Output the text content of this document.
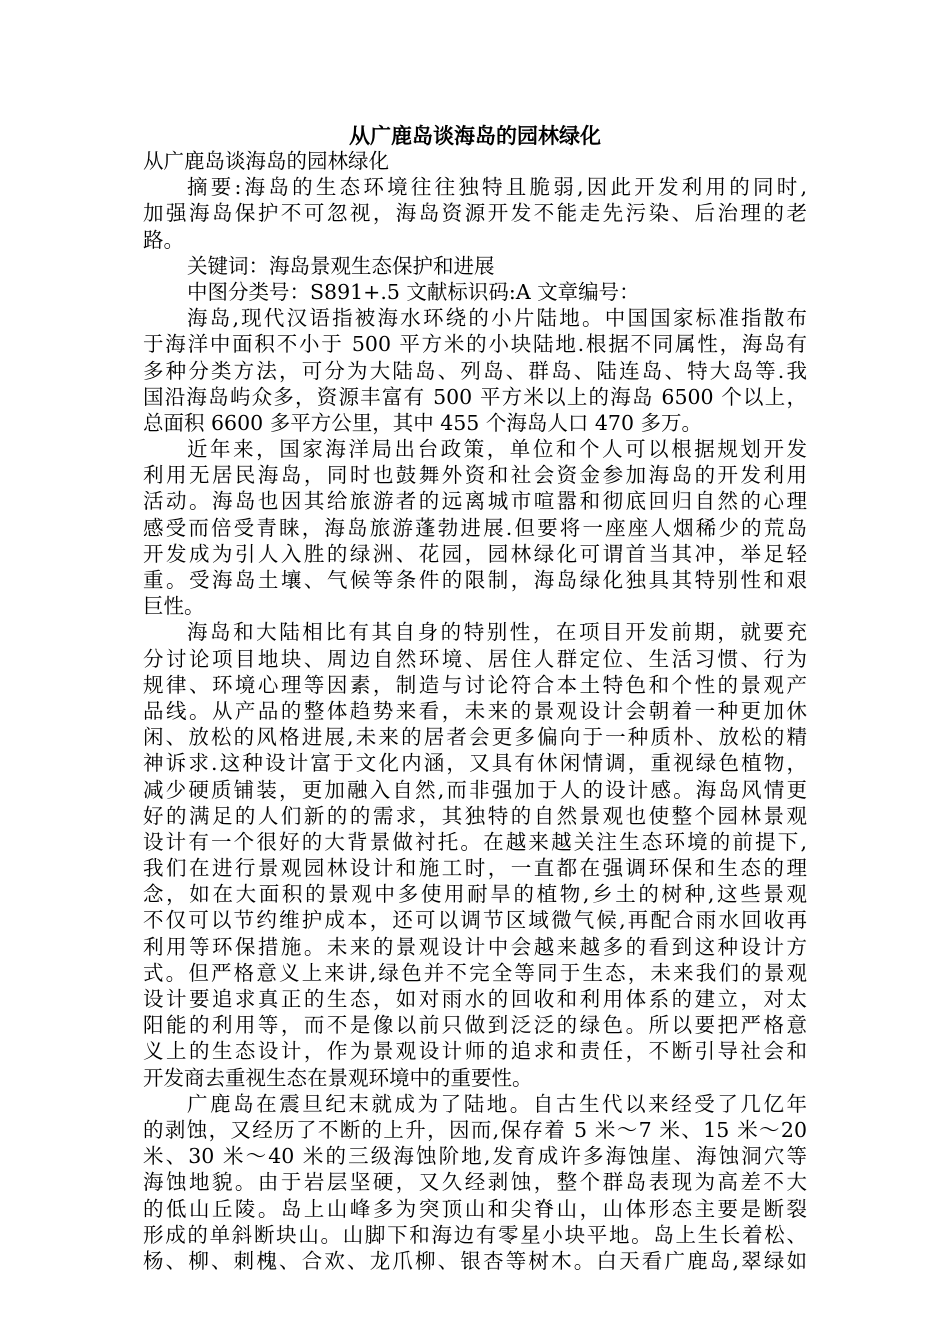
从广鹿岛谈海岛的园林绿化
从广鹿岛谈海岛的园林绿化
摘要:海岛的生态环境往往独特且脆弱,因此开发利用的同时,
加强海岛保护不可忽视，海岛资源开发不能走先污染、后治理的老
路。
关键词：海岛景观生态保护和进展
中图分类号：S891+.5 文献标识码:A 文章编号：
海岛,现代汉语指被海水环绕的小片陆地。中国国家标准指散布
于海洋中面积不小于 500 平方米的小块陆地.根据不同属性，海岛有
多种分类方法，可分为大陆岛、列岛、群岛、陆连岛、特大岛等.我
国沿海岛屿众多，资源丰富有 500 平方米以上的海岛 6500 个以上，
总面积 6600 多平方公里，其中 455 个海岛人口 470 多万。
近年来，国家海洋局出台政策，单位和个人可以根据规划开发
利用无居民海岛，同时也鼓舞外资和社会资金参加海岛的开发利用
活动。海岛也因其给旅游者的远离城市喧嚣和彻底回归自然的心理
感受而倍受青睐，海岛旅游蓬勃进展.但要将一座座人烟稀少的荒岛
开发成为引人入胜的绿洲、花园，园林绿化可谓首当其冲，举足轻
重。受海岛土壤、气候等条件的限制，海岛绿化独具其特别性和艰
巨性。
海岛和大陆相比有其自身的特别性，在项目开发前期，就要充
分讨论项目地块、周边自然环境、居住人群定位、生活习惯、行为
规律、环境心理等因素，制造与讨论符合本土特色和个性的景观产
品线。从产品的整体趋势来看，未来的景观设计会朝着一种更加休
闲、放松的风格进展,未来的居者会更多偏向于一种质朴、放松的精
神诉求.这种设计富于文化内涵，又具有休闲情调，重视绿色植物，
减少硬质铺装，更加融入自然,而非强加于人的设计感。海岛风情更
好的满足的人们新的的需求，其独特的自然景观也使整个园林景观
设计有一个很好的大背景做衬托。在越来越关注生态环境的前提下,
我们在进行景观园林设计和施工时，一直都在强调环保和生态的理
念，如在大面积的景观中多使用耐旱的植物,乡土的树种,这些景观
不仅可以节约维护成本，还可以调节区域微气候,再配合雨水回收再
利用等环保措施。未来的景观设计中会越来越多的看到这种设计方
式。但严格意义上来讲,绿色并不完全等同于生态，未来我们的景观
设计要追求真正的生态，如对雨水的回收和利用体系的建立，对太
阳能的利用等，而不是像以前只做到泛泛的绿色。所以要把严格意
义上的生态设计，作为景观设计师的追求和责任，不断引导社会和
开发商去重视生态在景观环境中的重要性。
广鹿岛在震旦纪末就成为了陆地。自古生代以来经受了几亿年
的剥蚀，又经历了不断的上升，因而,保存着 5 米～7 米、15 米～20
米、30 米～40 米的三级海蚀阶地,发育成许多海蚀崖、海蚀洞穴等
海蚀地貌。由于岩层坚硬，又久经剥蚀，整个群岛表现为高差不大
的低山丘陵。岛上山峰多为突顶山和尖脊山，山体形态主要是断裂
形成的单斜断块山。山脚下和海边有零星小块平地。岛上生长着松、
杨、柳、刺槐、合欢、龙爪柳、银杏等树木。白天看广鹿岛,翠绿如
